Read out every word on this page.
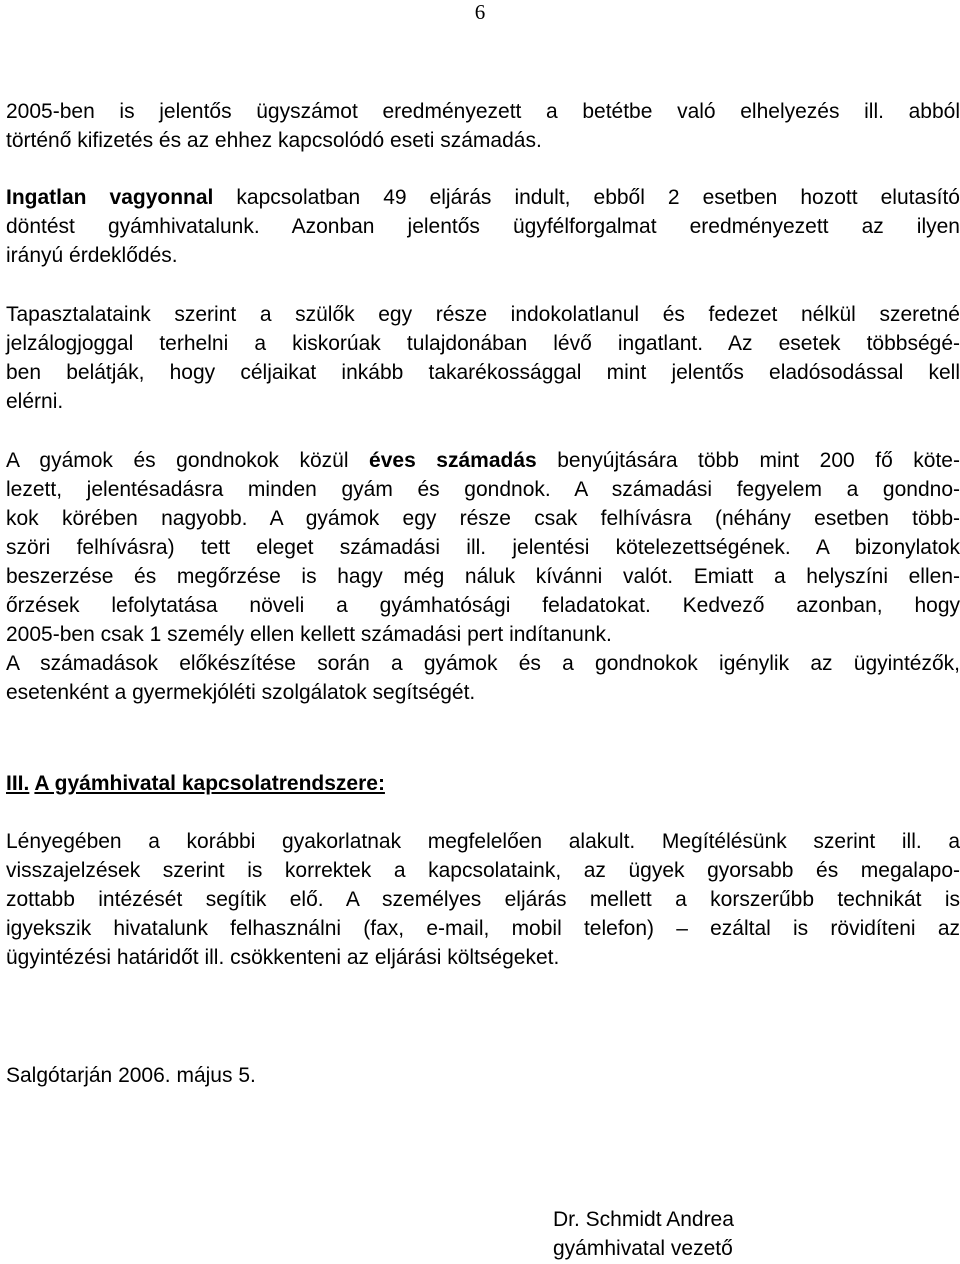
6
2005-ben is jelentős ügyszámot eredményezett a betétbe való elhelyezés ill. abból
történő kifizetés és az ehhez kapcsolódó eseti számadás.
Ingatlan vagyonnal kapcsolatban 49 eljárás indult, ebből 2 esetben hozott elutasító
döntést gyámhivatalunk. Azonban jelentős ügyfélforgalmat eredményezett az ilyen
irányú érdeklődés.
Tapasztalataink szerint a szülők egy része indokolatlanul és fedezet nélkül szeretné
jelzálogjoggal terhelni a kiskorúak tulajdonában lévő ingatlant. Az esetek többségé-
ben belátják, hogy céljaikat inkább takarékossággal mint jelentős eladósodással kell
elérni.
A gyámok és gondnokok közül éves számadás benyújtására több mint 200 fő köte-
lezett, jelentésadásra minden gyám és gondnok. A számadási fegyelem a gondno-
kok körében nagyobb. A gyámok egy része csak felhívásra (néhány esetben több-
szöri felhívásra) tett eleget számadási ill. jelentési kötelezettségének. A bizonylatok
beszerzése és megőrzése is hagy még náluk kívánni valót. Emiatt a helyszíni ellen-
őrzések lefolytatása növeli a gyámhatósági feladatokat. Kedvező azonban, hogy
2005-ben csak 1 személy ellen kellett számadási pert indítanunk.
A számadások előkészítése során a gyámok és a gondnokok igénylik az ügyintézők,
esetenként a gyermekjóléti szolgálatok segítségét.
III. A gyámhivatal kapcsolatrendszere:
Lényegében a korábbi gyakorlatnak megfelelően alakult. Megítélésünk szerint ill. a
visszajelzések szerint is korrektek a kapcsolataink, az ügyek gyorsabb és megalapo-
zottabb intézését segítik elő. A személyes eljárás mellett a korszerűbb technikát is
igyekszik hivatalunk felhasználni (fax, e-mail, mobil telefon) – ezáltal is rövidíteni az
ügyintézési határidőt ill. csökkenteni az eljárási költségeket.
Salgótarján 2006. május 5.
Dr. Schmidt Andrea
gyámhivatal vezető
